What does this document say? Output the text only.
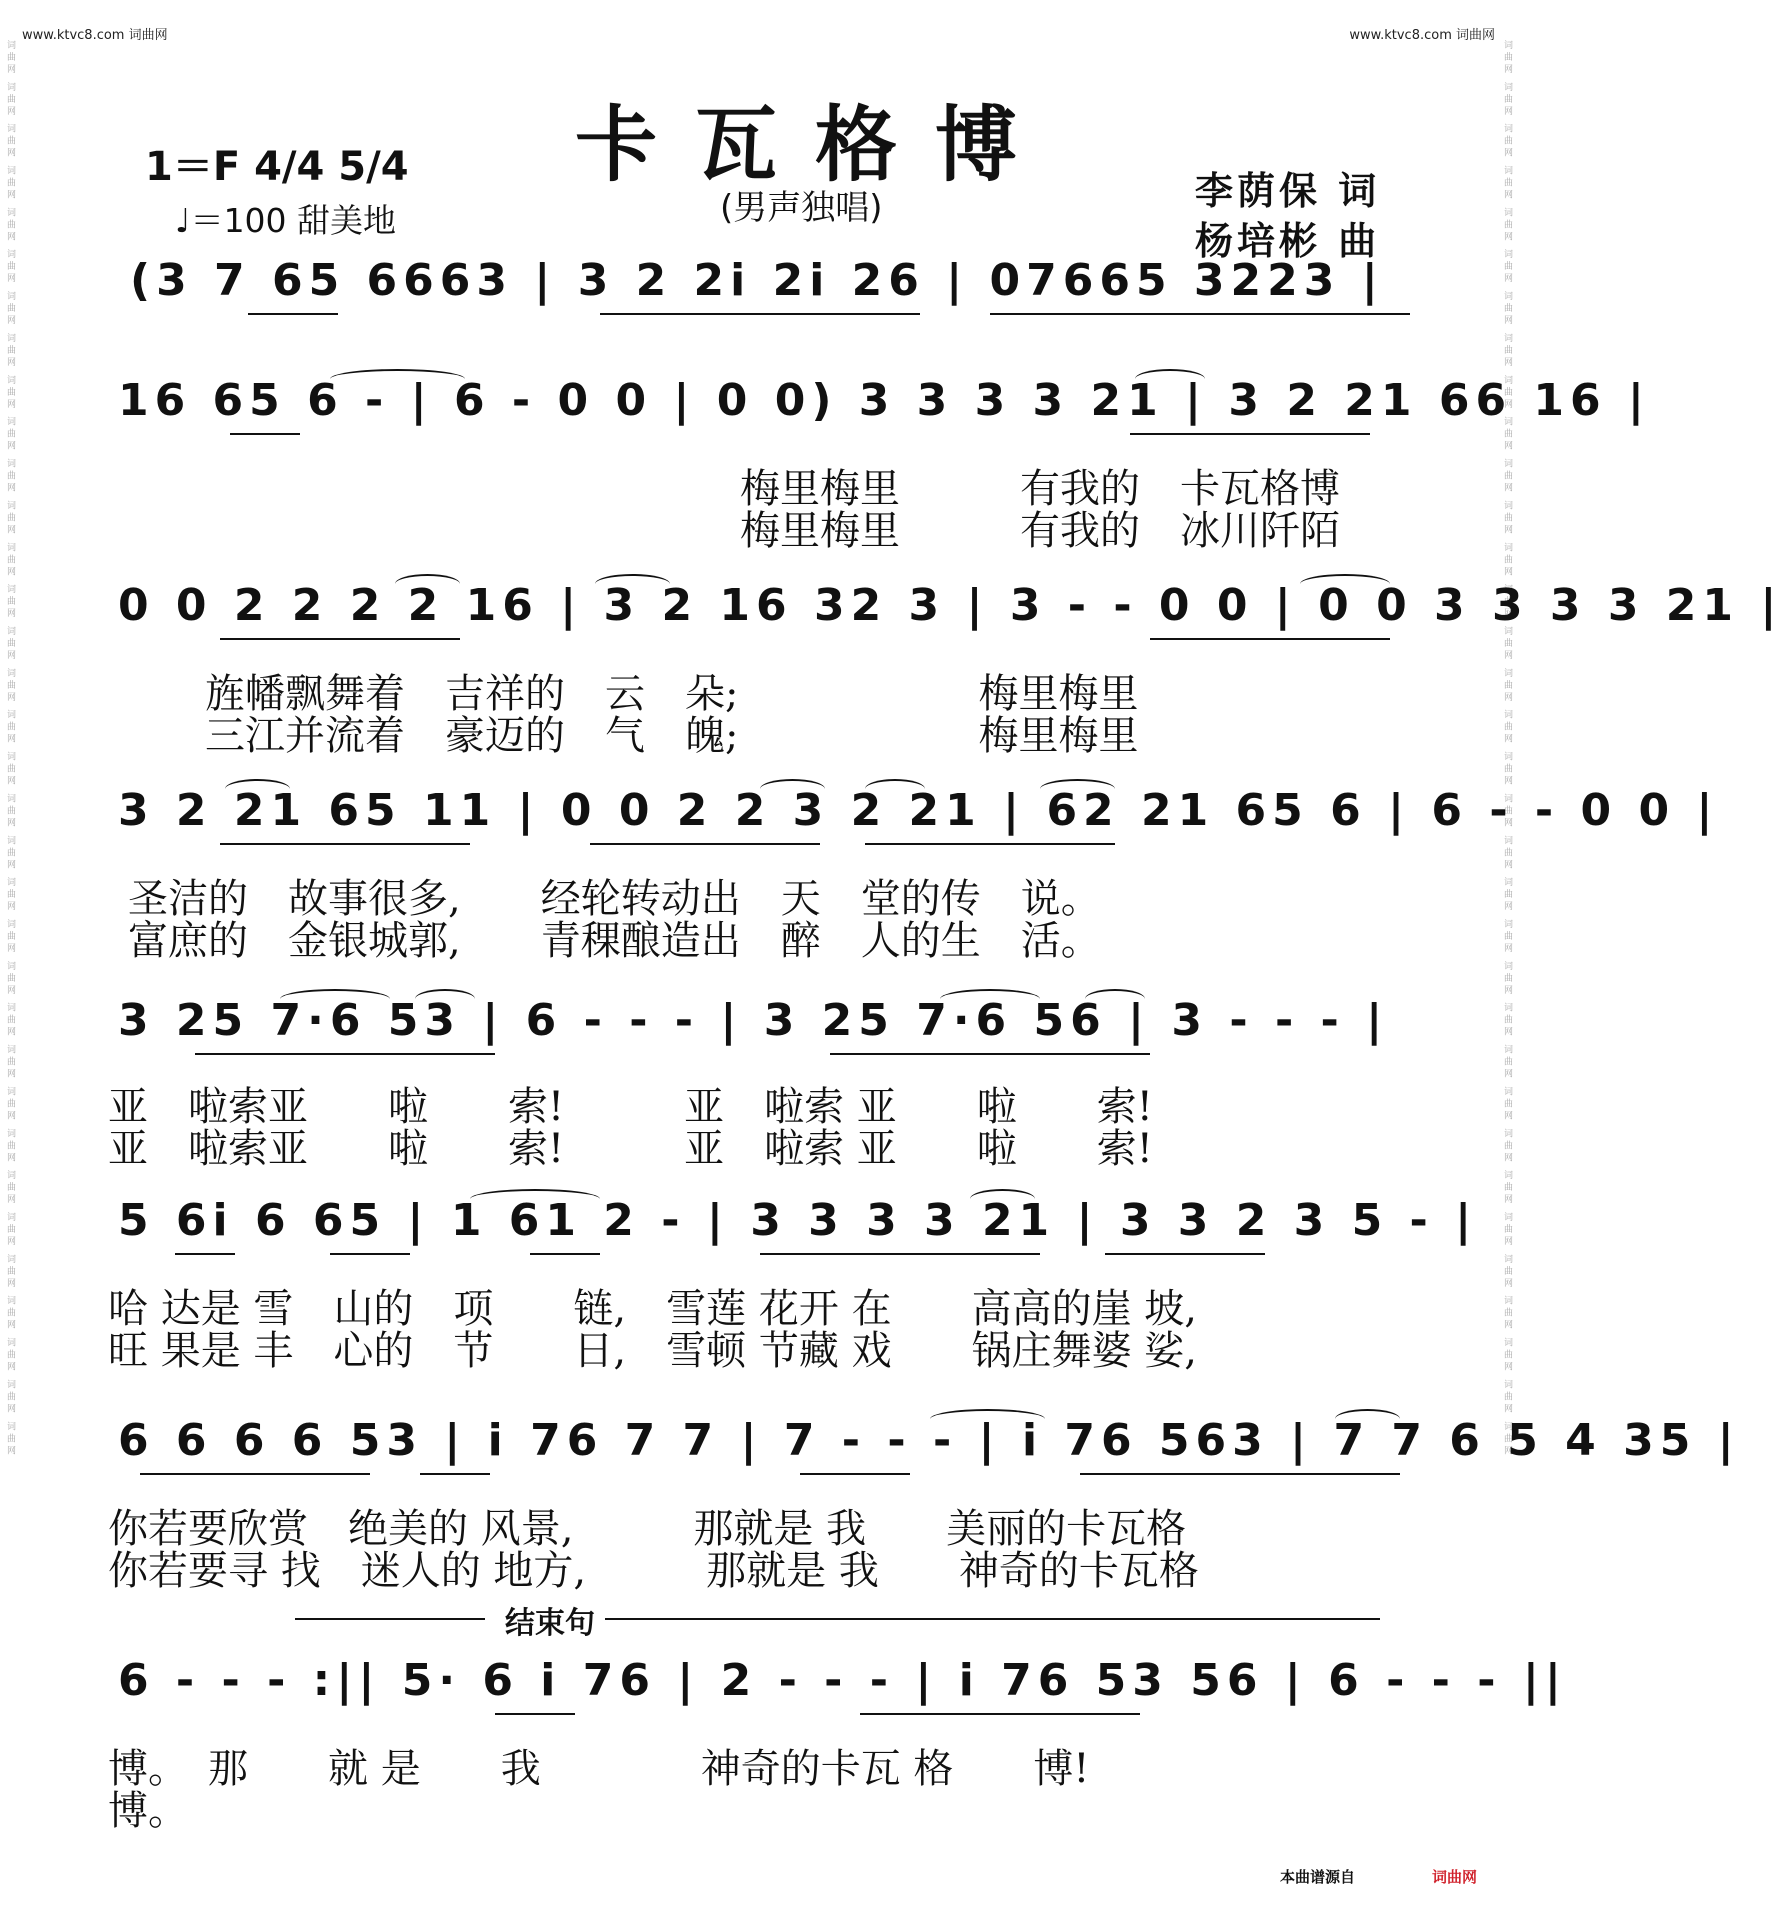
www.ktvc8.com 词曲网	www.ktvc8.com 词曲网
词曲网 词曲网 词曲网 词曲网 词曲网 词曲网 词曲网 词曲网 词曲网 词曲网 词曲网 词曲网 词曲网 词曲网 词曲网 词曲网 词曲网 词曲网 词曲网 词曲网 词曲网 词曲网 词曲网 词曲网 词曲网 词曲网 词曲网 词曲网 词曲网 词曲网 词曲网 词曲网 词曲网 词曲网	词曲网 词曲网 词曲网 词曲网 词曲网 词曲网 词曲网 词曲网 词曲网 词曲网 词曲网 词曲网 词曲网 词曲网 词曲网 词曲网 词曲网 词曲网 词曲网 词曲网 词曲网 词曲网 词曲网 词曲网 词曲网 词曲网 词曲网 词曲网 词曲网 词曲网 词曲网 词曲网 词曲网 词曲网
卡瓦格博
(男声独唱)
1＝F 4/4 5/4
♩＝100 甜美地
李荫保 词
杨培彬 曲
(3 7 65 6663 | 3 2 2i 2i 26 | 07665 3223 |
16 65 6 - | 6 - 0 0 | 0 0) 3 3 3 3 21 | 3 2 21 66 16 |
梅里梅里　　　有我的　卡瓦格博
梅里梅里　　　有我的　冰川阡陌
0 0 2 2 2 2 16 | 3 2 16 32 3 | 3 - - 0 0 | 0 0 3 3 3 3 21 |
旌幡飘舞着　吉祥的　云　朵;　　　　　　梅里梅里
三江并流着　豪迈的　气　魄;　　　　　　梅里梅里
3 2 21 65 11 | 0 0 2 2 3 2 21 | 62 21 65 6 | 6 - - 0 0 |
圣洁的　故事很多,　　经轮转动出　天　堂的传　说。
富庶的　金银城郭,　　青稞酿造出　醉　人的生　活。
3 25 7·6 53 | 6 - - - | 3 25 7·6 56 | 3 - - - |
亚　啦索亚　　啦　　索!　　　亚　啦索 亚　　啦　　索!
亚　啦索亚　　啦　　索!　　　亚　啦索 亚　　啦　　索!
5 6i 6 65 | 1 61 2 - | 3 3 3 3 21 | 3 3 2 3 5 - |
哈 达是 雪　山的　项　　链,　雪莲 花开 在　　高高的崖 坡,
旺 果是 丰　心的　节　　日,　雪顿 节藏 戏　　锅庄舞婆 娑,
6 6 6 6 53 | i 76 7 7 | 7 - - - | i 76 563 | 7 7 6 5 4 35 |
你若要欣赏　绝美的 风景,　　　那就是 我　　美丽的卡瓦格
你若要寻 找　迷人的 地方,　　　那就是 我　　神奇的卡瓦格
结束句
6 - - - :|| 5· 6 i 76 | 2 - - - | i 76 53 56 | 6 - - - ||
博。　那　　就 是　　我　　　　神奇的卡瓦 格　　博!
博。
本曲谱源自	词曲网
